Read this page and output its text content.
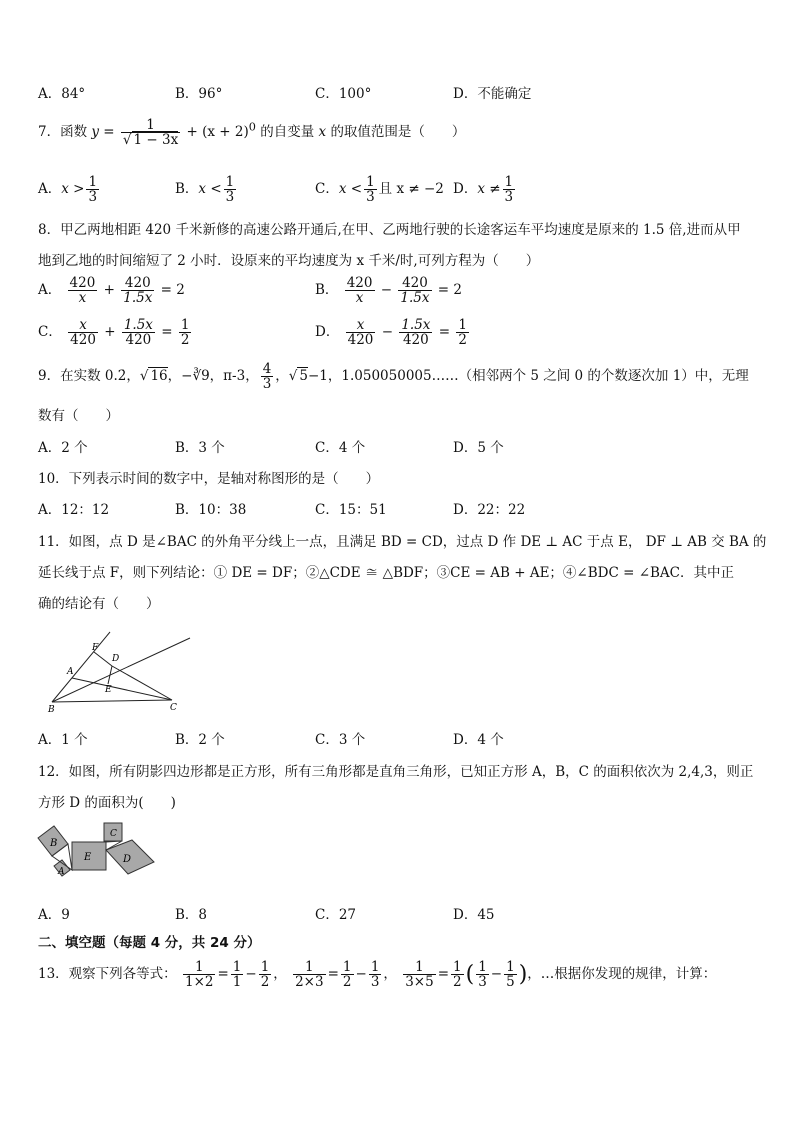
A．84°	B．96°	C．100°	D．不能确定
7．函数 $y = \frac{1}{√ 1 - 3x} + (x + 2)^0$ 的自变量 x 的取值范围是（　　）
A．$x > \frac{1}{3}$	B．$x < \frac{1}{3}$	C．$x < \frac{1}{3}$ 且 x ≠ −2 D．$x \ne \frac{1}{3}$
8．甲乙两地相距 420 千米新修的高速公路开通后,在甲、乙两地行驶的长途客运车平均速度是原来的 1.5 倍,进而从甲
地到乙地的时间缩短了 2 小时．设原来的平均速度为 x 千米/时,可列方程为（　　）
A． $\frac{420}{x} + \frac{420}{1.5x} = 2$	B． $\frac{420}{x} - \frac{420}{1.5x} = 2$
C． $\frac{x}{420} + \frac{1.5x}{420} = \frac{1}{2}$	D． $\frac{x}{420} - \frac{1.5x}{420} = \frac{1}{2}$
9．在实数 0.2̇，√ 16，−∛9，π-3， $\frac{4}{3}$ ，√ 5−1，1.050050005……（相邻两个 5 之间 0 的个数逐次加 1）中，无理
数有（　　）
A．2 个	B．3 个	C．4 个	D．5 个
10．下列表示时间的数字中，是轴对称图形的是（　　）
A．12：12	B．10：38	C．15：51	D．22：22
11．如图，点 D 是∠BAC 的外角平分线上一点，且满足 BD = CD，过点 D 作 DE ⊥ AC 于点 E， DF ⊥ AB 交 BA 的
延长线于点 F，则下列结论：① DE = DF；②△CDE ≅ △BDF；③CE = AB + AE；④∠BDC = ∠BAC．其中正
确的结论有（　　）
F
D
A
E
B	C
A．1 个	B．2 个	C．3 个	D．4 个
12．如图，所有阴影四边形都是正方形，所有三角形都是直角三角形，已知正方形 A，B，C 的面积依次为 2,4,3，则正
方形 D 的面积为(　　)
B
A
E
C
D
A．9	B．8	C．27	D．45
二、填空题（每题 4 分，共 24 分）
13．观察下列各等式： $\frac{1}{1\times 2} = \frac{1}{1} - \frac{1}{2}$ ， $\frac{1}{2\times 3} = \frac{1}{2} - \frac{1}{3}$ ， $\frac{1}{3\times 5} = \frac{1}{2}$ ( $\frac{1}{3} - \frac{1}{5}$ )，…根据你发现的规律，计算：
